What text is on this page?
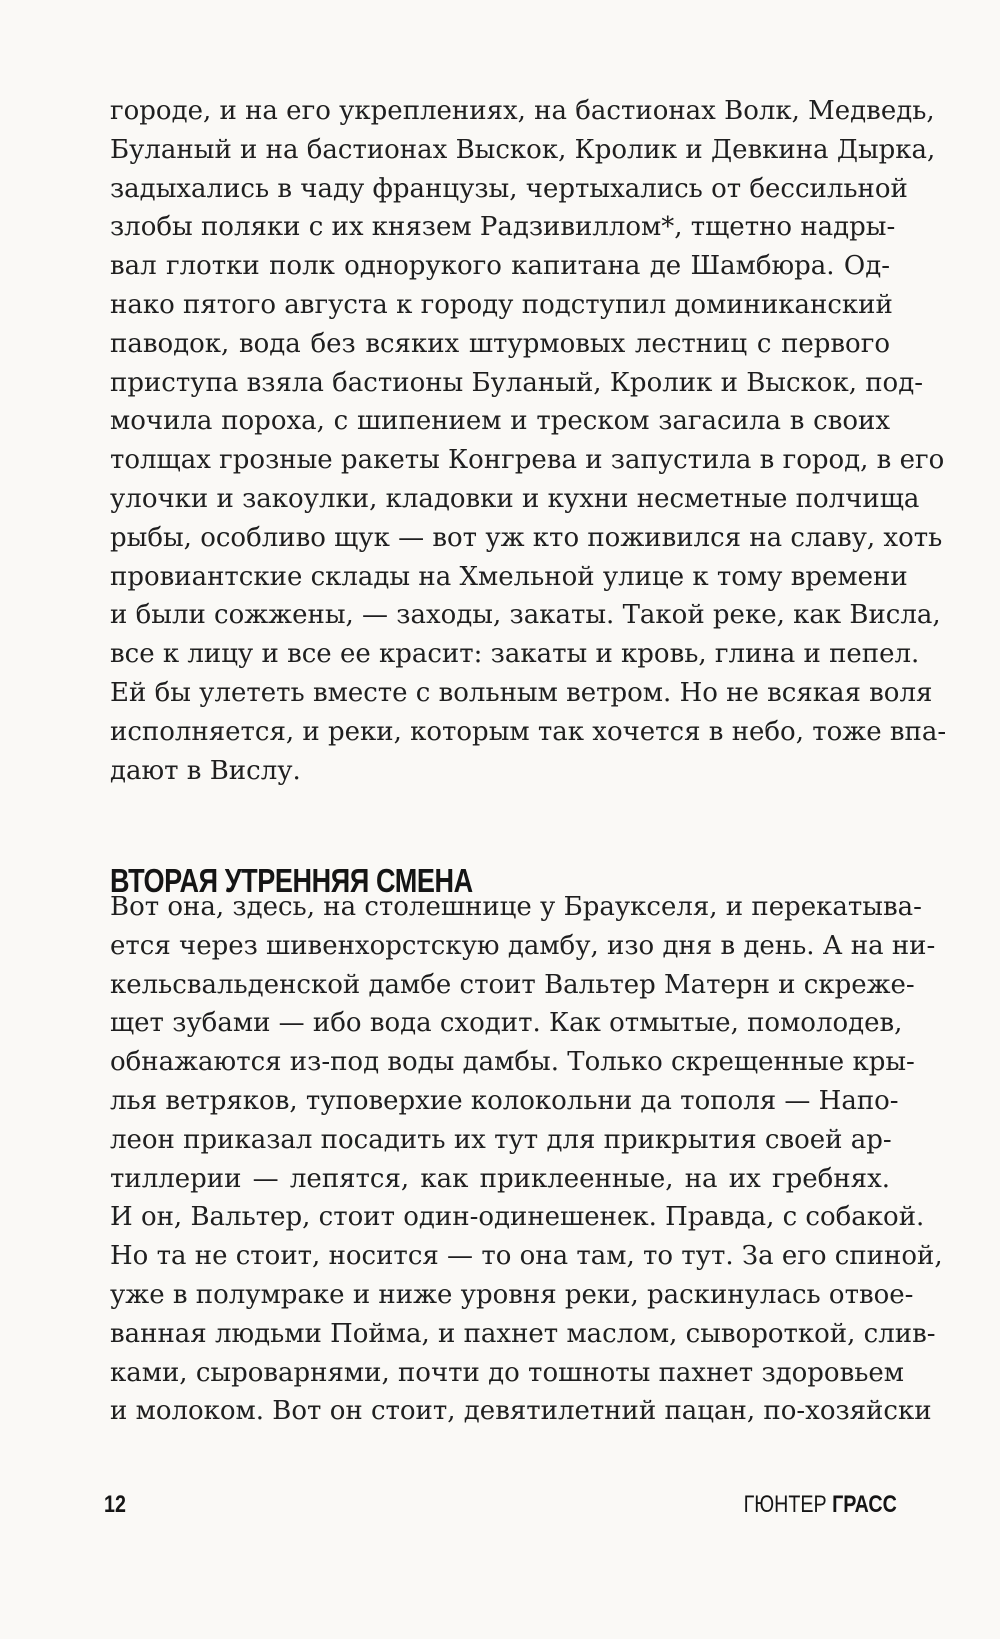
городе, и на его укреплениях, на бастионах Волк, Медведь,
Буланый и на бастионах Выскок, Кролик и Девкина Дырка,
задыхались в чаду французы, чертыхались от бессильной
злобы поляки с их князем Радзивиллом*, тщетно надры-
вал глотки полк однорукого капитана де Шамбюра. Од-
нако пятого августа к городу подступил доминиканский
паводок, вода без всяких штурмовых лестниц с первого
приступа взяла бастионы Буланый, Кролик и Выскок, под-
мочила пороха, с шипением и треском загасила в своих
толщах грозные ракеты Конгрева и запустила в город, в его
улочки и закоулки, кладовки и кухни несметные полчища
рыбы, особливо щук — вот уж кто поживился на славу, хоть
провиантские склады на Хмельной улице к тому времени
и были сожжены, — заходы, закаты. Такой реке, как Висла,
все к лицу и все ее красит: закаты и кровь, глина и пепел.
Ей бы улететь вместе с вольным ветром. Но не всякая воля
исполняется, и реки, которым так хочется в небо, тоже впа-
дают в Вислу.
ВТОРАЯ УТРЕННЯЯ СМЕНА
Вот она, здесь, на столешнице у Браукселя, и перекатыва-
ется через шивенхорстскую дамбу, изо дня в день. А на ни-
кельсвальденской дамбе стоит Вальтер Матерн и скреже-
щет зубами — ибо вода сходит. Как отмытые, помолодев,
обнажаются из-под воды дамбы. Только скрещенные кры-
лья ветряков, туповерхие колокольни да тополя — Напо-
леон приказал посадить их тут для прикрытия своей ар-
тиллерии — лепятся, как приклеенные, на их гребнях.
И он, Вальтер, стоит один-одинешенек. Правда, с собакой.
Но та не стоит, носится — то она там, то тут. За его спиной,
уже в полумраке и ниже уровня реки, раскинулась отвое-
ванная людьми Пойма, и пахнет маслом, сывороткой, слив-
ками, сыроварнями, почти до тошноты пахнет здоровьем
и молоком. Вот он стоит, девятилетний пацан, по-хозяйски
12	ГЮНТЕР ГРАСС
